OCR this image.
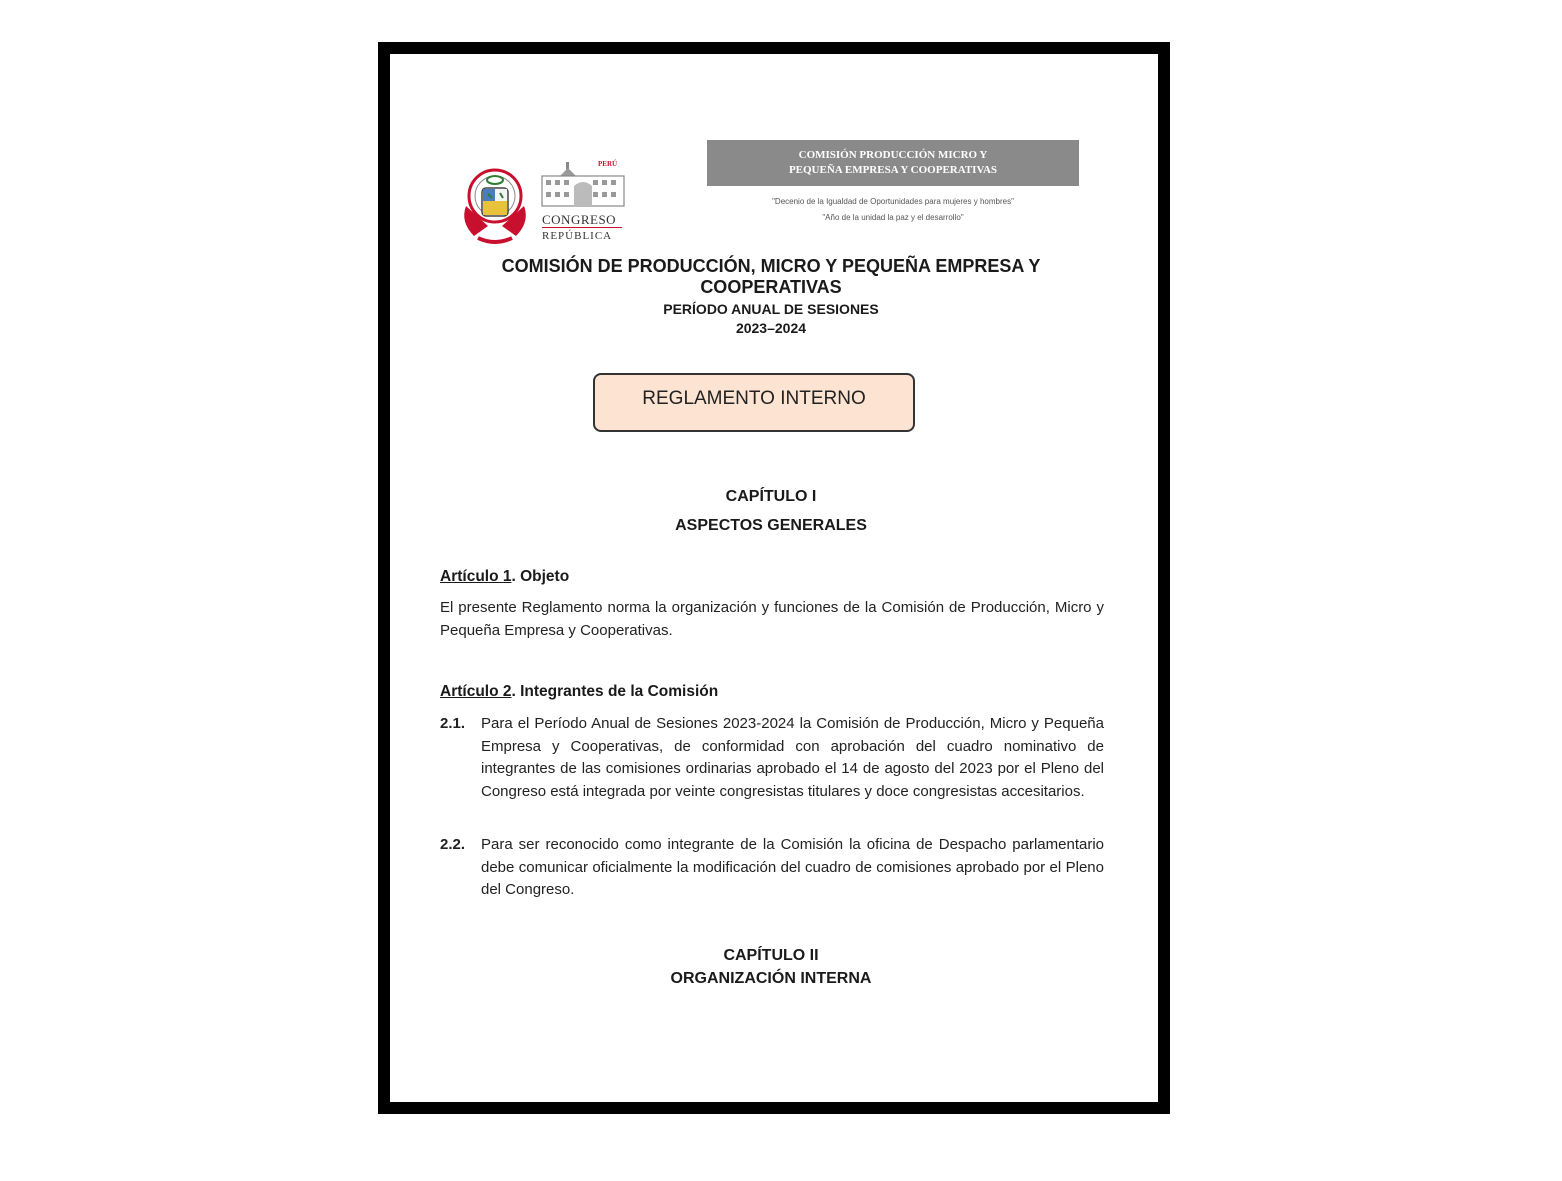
PERÚ
CONGRESO
REPÚBLICA
COMISIÓN PRODUCCIÓN MICRO Y
PEQUEÑA EMPRESA Y COOPERATIVAS
"Decenio de la Igualdad de Oportunidades para mujeres y hombres"
"Año de la unidad la paz y el desarrollo"
COMISIÓN DE PRODUCCIÓN, MICRO Y PEQUEÑA EMPRESA Y
COOPERATIVAS
PERÍODO ANUAL DE SESIONES
2023–2024
REGLAMENTO INTERNO
CAPÍTULO I
ASPECTOS GENERALES
Artículo 1. Objeto
El presente Reglamento norma la organización y funciones de la Comisión de Producción, Micro y Pequeña Empresa y Cooperativas.
Artículo 2. Integrantes de la Comisión
2.1.	Para el Período Anual de Sesiones 2023-2024 la Comisión de Producción, Micro y Pequeña Empresa y Cooperativas, de conformidad con aprobación del cuadro nominativo de integrantes de las comisiones ordinarias aprobado el 14 de agosto del 2023 por el Pleno del Congreso está integrada por veinte congresistas titulares y doce congresistas accesitarios.
2.2.	Para ser reconocido como integrante de la Comisión la oficina de Despacho parlamentario debe comunicar oficialmente la modificación del cuadro de comisiones aprobado por el Pleno del Congreso.
CAPÍTULO II
ORGANIZACIÓN INTERNA
